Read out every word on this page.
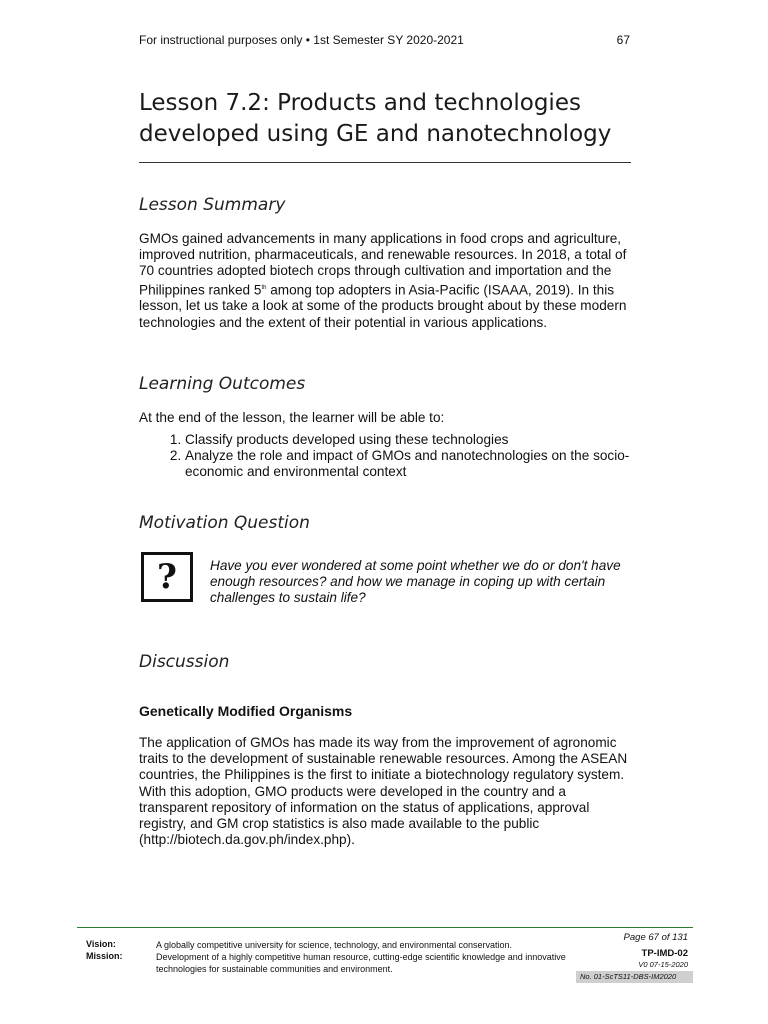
For instructional purposes only • 1st Semester SY 2020-2021	67
Lesson 7.2: Products and technologies
developed using GE and nanotechnology
Lesson Summary
GMOs gained advancements in many applications in food crops and agriculture, improved nutrition, pharmaceuticals, and renewable resources. In 2018, a total of 70 countries adopted biotech crops through cultivation and importation and the Philippines ranked 5th among top adopters in Asia-Pacific (ISAAA, 2019). In this lesson, let us take a look at some of the products brought about by these modern technologies and the extent of their potential in various applications.
Learning Outcomes
At the end of the lesson, the learner will be able to:
1. Classify products developed using these technologies
2. Analyze the role and impact of GMOs and nanotechnologies on the socio-economic and environmental context
Motivation Question
?	Have you ever wondered at some point whether we do or don't have enough resources? and how we manage in coping up with certain challenges to sustain life?
Discussion
Genetically Modified Organisms
The application of GMOs has made its way from the improvement of agronomic traits to the development of sustainable renewable resources. Among the ASEAN countries, the Philippines is the first to initiate a biotechnology regulatory system. With this adoption, GMO products were developed in the country and a transparent repository of information on the status of applications, approval registry, and GM crop statistics is also made available to the public (http://biotech.da.gov.ph/index.php).
Vision:	A globally competitive university for science, technology, and environmental conservation.
Mission:	Development of a highly competitive human resource, cutting-edge scientific knowledge and innovative technologies for sustainable communities and environment.
Page 67 of 131
TP-IMD-02
V0 07-15-2020
No. 01-ScTS11-DBS-IM2020
